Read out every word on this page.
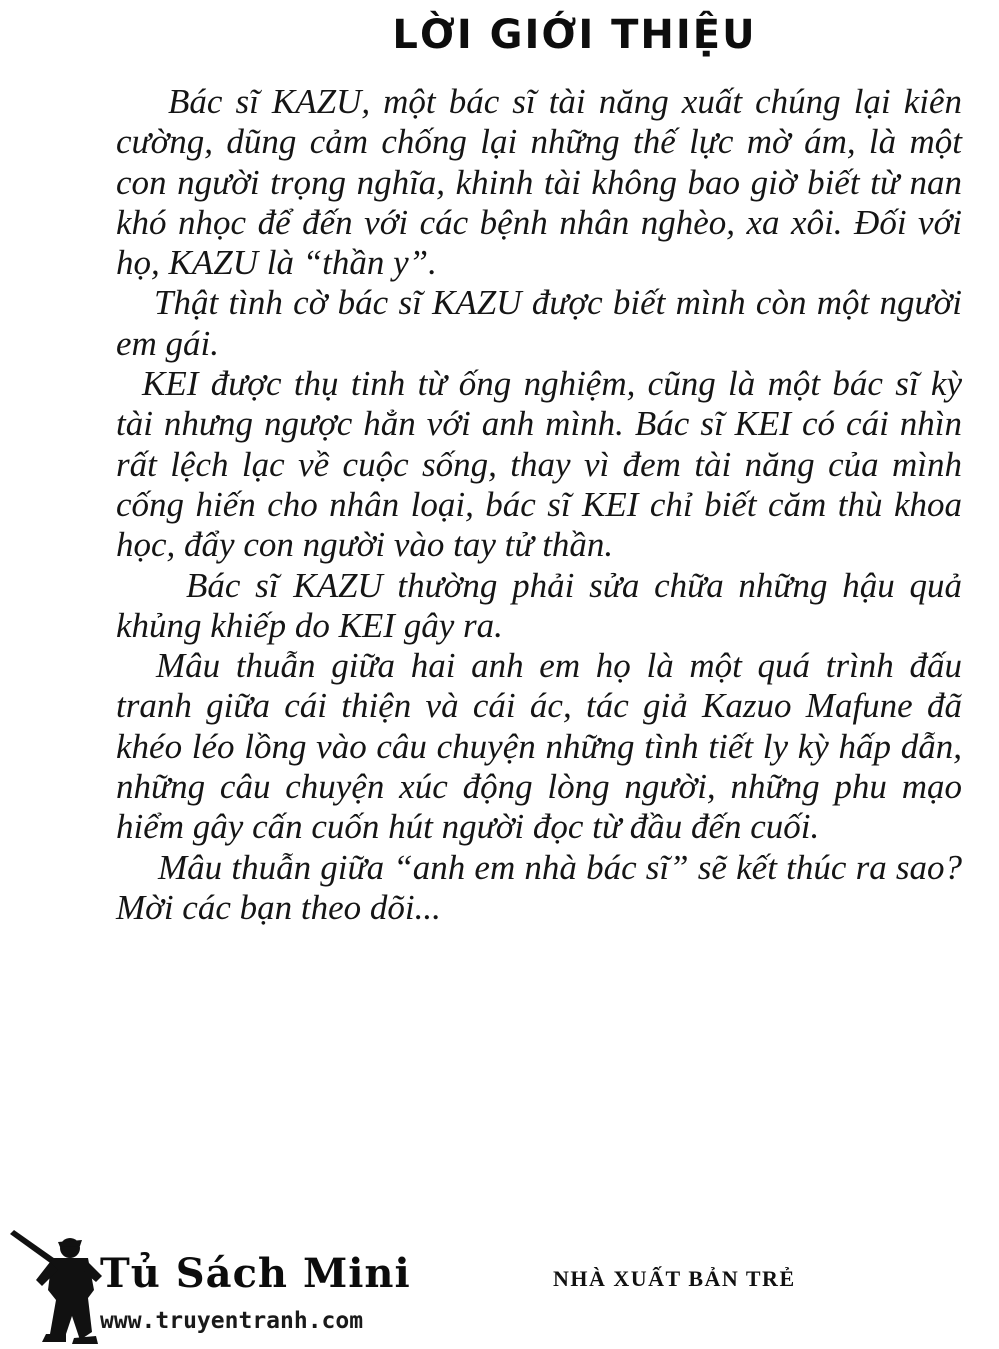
LỜI GIỚI THIỆU

Bác sĩ KAZU, một bác sĩ tài năng xuất chúng lại kiên cường, dũng cảm chống lại những thế lực mờ ám, là một con người trọng nghĩa, khinh tài không bao giờ biết từ nan khó nhọc để đến với các bệnh nhân nghèo, xa xôi. Đối với họ, KAZU là “thần y”.

Thật tình cờ bác sĩ KAZU được biết mình còn một người em gái.

KEI được thụ tinh từ ống nghiệm, cũng là một bác sĩ kỳ tài nhưng ngược hẳn với anh mình. Bác sĩ KEI có cái nhìn rất lệch lạc về cuộc sống, thay vì đem tài năng của mình cống hiến cho nhân loại, bác sĩ KEI chỉ biết căm thù khoa học, đẩy con người vào tay tử thần.

Bác sĩ KAZU thường phải sửa chữa những hậu quả khủng khiếp do KEI gây ra.

Mâu thuẫn giữa hai anh em họ là một quá trình đấu tranh giữa cái thiện và cái ác, tác giả Kazuo Mafune đã khéo léo lồng vào câu chuyện những tình tiết ly kỳ hấp dẫn, những câu chuyện xúc động lòng người, những phu mạo hiểm gây cấn cuốn hút người đọc từ đầu đến cuối.

Mâu thuẫn giữa “anh em nhà bác sĩ” sẽ kết thúc ra sao? Mời các bạn theo dõi...

Tủ Sách Mini
www.truyentranh.com
NHÀ XUẤT BẢN TRẺ
